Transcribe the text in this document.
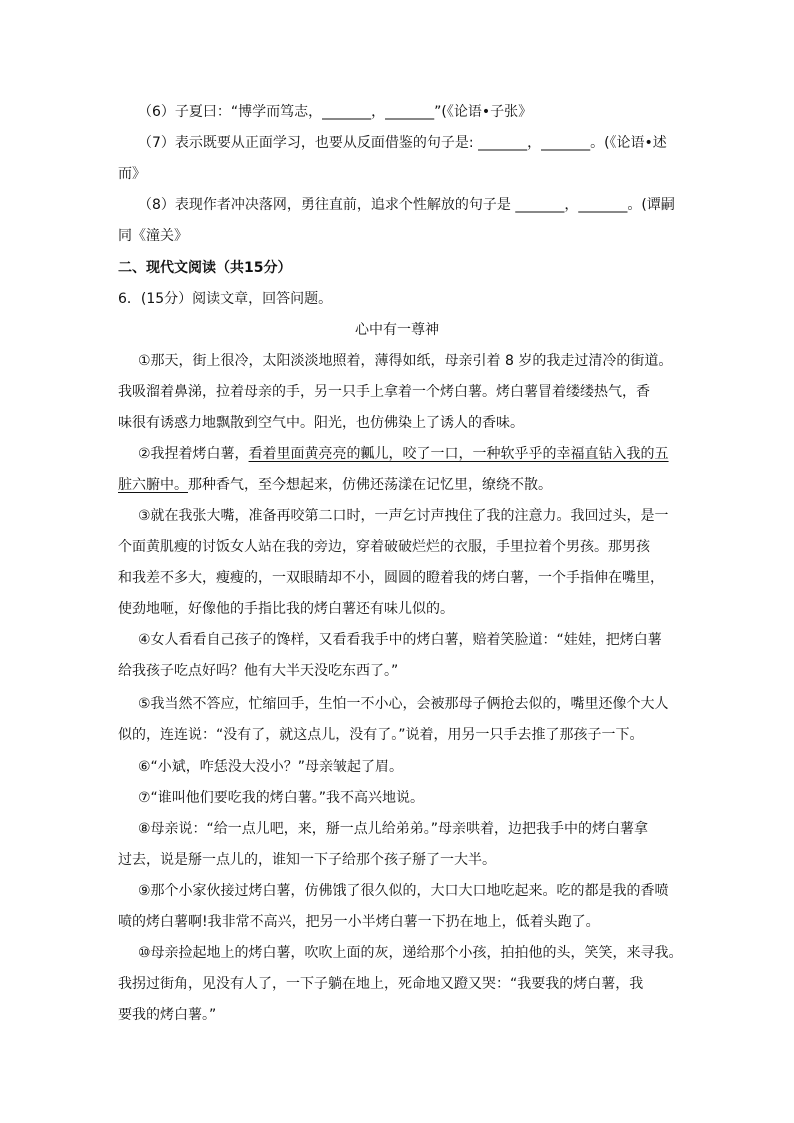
（6）子夏曰：“博学而笃志，_______，_______”(《论语•子张》
（7）表示既要从正面学习，也要从反面借鉴的句子是: _______，_______。(《论语•述
而》
（8）表现作者冲决落网，勇往直前，追求个性解放的句子是 _______，_______。(谭嗣
同《潼关》
二、现代文阅读（共15分）
6．(15分）阅读文章，回答问题。
心中有一尊神
①那天，街上很冷，太阳淡淡地照着，薄得如纸，母亲引着 8 岁的我走过清冷的街道。
我吸溜着鼻涕，拉着母亲的手，另一只手上拿着一个烤白薯。烤白薯冒着缕缕热气，香
味很有诱惑力地飘散到空气中。阳光，也仿佛染上了诱人的香味。
②我捏着烤白薯，看着里面黄亮亮的瓤儿，咬了一口，一种软乎乎的幸福直钻入我的五
脏六腑中。那种香气，至今想起来，仿佛还荡漾在记忆里，缭绕不散。
③就在我张大嘴，准备再咬第二口时，一声乞讨声拽住了我的注意力。我回过头，是一
个面黄肌瘦的讨饭女人站在我的旁边，穿着破破烂烂的衣服，手里拉着个男孩。那男孩
和我差不多大，瘦瘦的，一双眼睛却不小，圆圆的瞪着我的烤白薯，一个手指伸在嘴里，
使劲地咂，好像他的手指比我的烤白薯还有味儿似的。
④女人看看自己孩子的馋样，又看看我手中的烤白薯，赔着笑脸道：“娃娃，把烤白薯
给我孩子吃点好吗？他有大半天没吃东西了。”
⑤我当然不答应，忙缩回手，生怕一不小心，会被那母子俩抢去似的，嘴里还像个大人
似的，连连说：“没有了，就这点儿，没有了。”说着，用另一只手去推了那孩子一下。
⑥“小斌，咋恁没大没小？”母亲皱起了眉。
⑦“谁叫他们要吃我的烤白薯。”我不高兴地说。
⑧母亲说：“给一点儿吧，来，掰一点儿给弟弟。”母亲哄着，边把我手中的烤白薯拿
过去，说是掰一点儿的，谁知一下子给那个孩子掰了一大半。
⑨那个小家伙接过烤白薯，仿佛饿了很久似的，大口大口地吃起来。吃的都是我的香喷
喷的烤白薯啊!我非常不高兴，把另一小半烤白薯一下扔在地上，低着头跑了。
⑩母亲捡起地上的烤白薯，吹吹上面的灰，递给那个小孩，拍拍他的头，笑笑，来寻我。
我拐过街角，见没有人了，一下子躺在地上，死命地又蹬又哭：“我要我的烤白薯，我
要我的烤白薯。”
